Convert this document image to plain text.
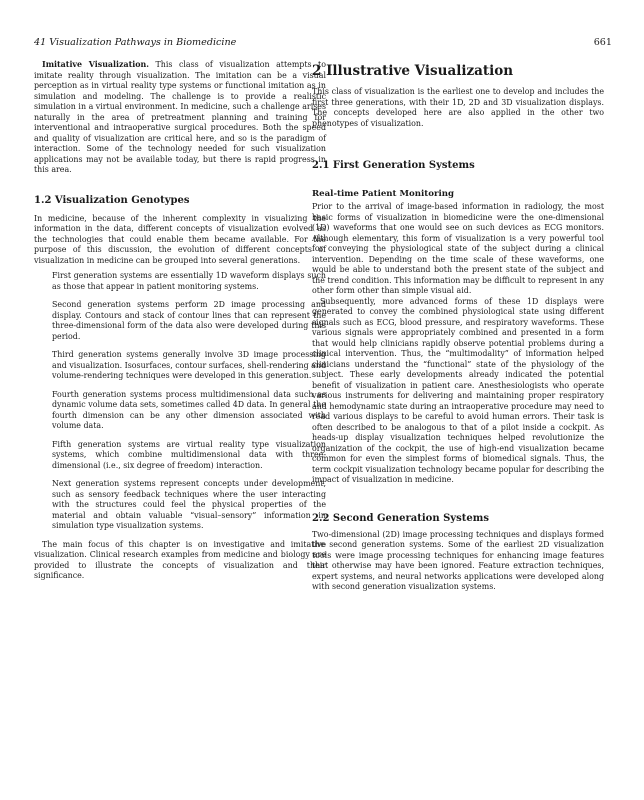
41 Visualization Pathways in Biomedicine	661

Imitative Visualization. This class of visualization attempts to imitate reality through visualization. The imitation can be a visual perception as in virtual reality type systems or functional imitation as in simulation and modeling. The challenge is to provide a realistic simulation in a virtual environment. In medicine, such a challenge arises naturally in the area of pretreatment planning and training for interventional and intraoperative surgical procedures. Both the speed and quality of visualization are critical here, and so is the paradigm of interaction. Some of the technology needed for such visualization applications may not be available today, but there is rapid progress in this area.

1.2 Visualization Genotypes

In medicine, because of the inherent complexity in visualizing the information in the data, different concepts of visualization evolved as the technologies that could enable them became available. For the purpose of this discussion, the evolution of different concepts of visualization in medicine can be grouped into several generations.

First generation systems are essentially 1D waveform displays such as those that appear in patient monitoring systems.

Second generation systems perform 2D image processing and display. Contours and stack of contour lines that can represent the three-dimensional form of the data also were developed during this period.

Third generation systems generally involve 3D image processing and visualization. Isosurfaces, contour surfaces, shell-rendering and volume-rendering techniques were developed in this generation.

Fourth generation systems process multidimensional data such as dynamic volume data sets, sometimes called 4D data. In general the fourth dimension can be any other dimension associated with volume data.

Fifth generation systems are virtual reality type visualization systems, which combine multidimensional data with three-dimensional (i.e., six degree of freedom) interaction.

Next generation systems represent concepts under development, such as sensory feedback techniques where the user interacting with the structures could feel the physical properties of the material and obtain valuable “visual–sensory” information in simulation type visualization systems.

The main focus of this chapter is on investigative and imitative visualization. Clinical research examples from medicine and biology are provided to illustrate the concepts of visualization and their significance.

2 Illustrative Visualization

This class of visualization is the earliest one to develop and includes the first three generations, with their 1D, 2D and 3D visualization displays. The concepts developed here are also applied in the other two phenotypes of visualization.

2.1 First Generation Systems
Real-time Patient Monitoring

Prior to the arrival of image-based information in radiology, the most basic forms of visualization in biomedicine were the one-dimensional (1D) waveforms that one would see on such devices as ECG monitors. Although elementary, this form of visualization is a very powerful tool for conveying the physiological state of the subject during a clinical intervention. Depending on the time scale of these waveforms, one would be able to understand both the present state of the subject and the trend condition. This information may be difficult to represent in any other form other than simple visual aid.

Subsequently, more advanced forms of these 1D displays were generated to convey the combined physiological state using different signals such as ECG, blood pressure, and respiratory waveforms. These various signals were appropriately combined and presented in a form that would help clinicians rapidly observe potential problems during a clinical intervention. Thus, the “multimodality” of information helped clinicians understand the “functional” state of the physiology of the subject. These early developments already indicated the potential benefit of visualization in patient care. Anesthesiologists who operate various instruments for delivering and maintaining proper respiratory and hemodynamic state during an intraoperative procedure may need to read various displays to be careful to avoid human errors. Their task is often described to be analogous to that of a pilot inside a cockpit. As heads-up display visualization techniques helped revolutionize the organization of the cockpit, the use of high-end visualization became common for even the simplest forms of biomedical signals. Thus, the term cockpit visualization technology became popular for describing the impact of visualization in medicine.

2.2 Second Generation Systems

Two-dimensional (2D) image processing techniques and displays formed the second generation systems. Some of the earliest 2D visualization tools were image processing techniques for enhancing image features that otherwise may have been ignored. Feature extraction techniques, expert systems, and neural networks applications were developed along with second generation visualization systems.
